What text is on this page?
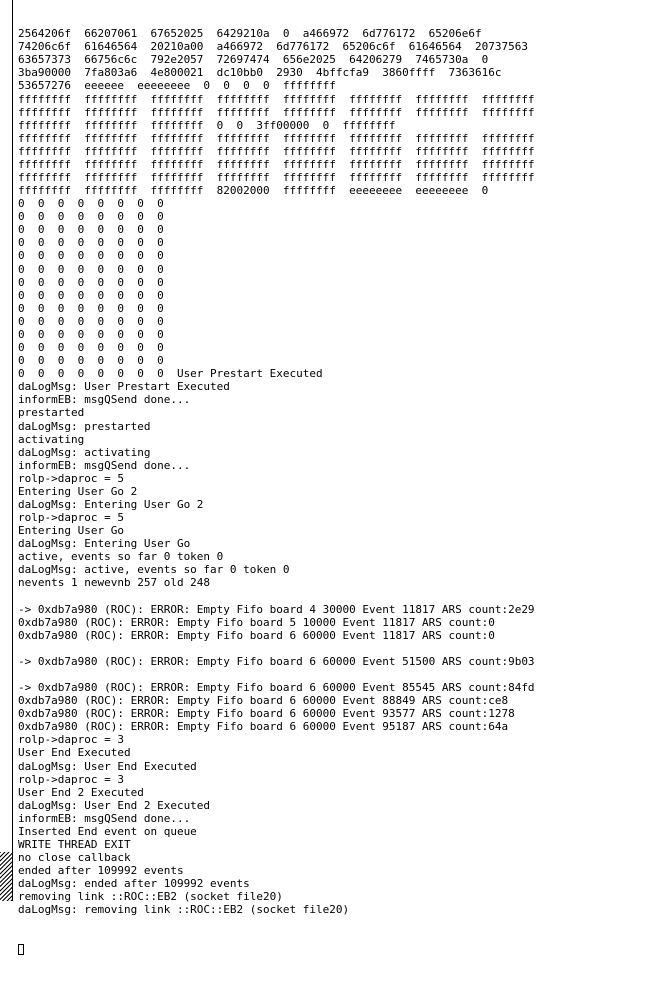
2564206f  66207061  67652025  6429210a  0  a466972  6d776172  65206e6f
74206c6f  61646564  20210a00  a466972  6d776172  65206c6f  61646564  20737563
63657373  66756c6c  792e2057  72697474  656e2025  64206279  7465730a  0
3ba90000  7fa803a6  4e800021  dc10bb0  2930  4bffcfa9  3860ffff  7363616c
53657276  eeeeee  eeeeeeee  0  0  0  0  ffffffff
ffffffff  ffffffff  ffffffff  ffffffff  ffffffff  ffffffff  ffffffff  ffffffff
ffffffff  ffffffff  ffffffff  ffffffff  ffffffff  ffffffff  ffffffff  ffffffff
ffffffff  ffffffff  ffffffff  0  0  3ff00000  0  ffffffff
ffffffff  ffffffff  ffffffff  ffffffff  ffffffff  ffffffff  ffffffff  ffffffff
ffffffff  ffffffff  ffffffff  ffffffff  ffffffff  ffffffff  ffffffff  ffffffff
ffffffff  ffffffff  ffffffff  ffffffff  ffffffff  ffffffff  ffffffff  ffffffff
ffffffff  ffffffff  ffffffff  ffffffff  ffffffff  ffffffff  ffffffff  ffffffff
ffffffff  ffffffff  ffffffff  82002000  ffffffff  eeeeeeee  eeeeeeee  0
0  0  0  0  0  0  0  0
0  0  0  0  0  0  0  0
0  0  0  0  0  0  0  0
0  0  0  0  0  0  0  0
0  0  0  0  0  0  0  0
0  0  0  0  0  0  0  0
0  0  0  0  0  0  0  0
0  0  0  0  0  0  0  0
0  0  0  0  0  0  0  0
0  0  0  0  0  0  0  0
0  0  0  0  0  0  0  0
0  0  0  0  0  0  0  0
0  0  0  0  0  0  0  0
0  0  0  0  0  0  0  0  User Prestart Executed
daLogMsg: User Prestart Executed
informEB: msgQSend done...
prestarted
daLogMsg: prestarted
activating
daLogMsg: activating
informEB: msgQSend done...
rolp->daproc = 5
Entering User Go 2
daLogMsg: Entering User Go 2
rolp->daproc = 5
Entering User Go
daLogMsg: Entering User Go
active, events so far 0 token 0
daLogMsg: active, events so far 0 token 0
nevents 1 newevnb 257 old 248
-> 0xdb7a980 (ROC): ERROR: Empty Fifo board 4 30000 Event 11817 ARS count:2e29
0xdb7a980 (ROC): ERROR: Empty Fifo board 5 10000 Event 11817 ARS count:0
0xdb7a980 (ROC): ERROR: Empty Fifo board 6 60000 Event 11817 ARS count:0
-> 0xdb7a980 (ROC): ERROR: Empty Fifo board 6 60000 Event 51500 ARS count:9b03
-> 0xdb7a980 (ROC): ERROR: Empty Fifo board 6 60000 Event 85545 ARS count:84fd
0xdb7a980 (ROC): ERROR: Empty Fifo board 6 60000 Event 88849 ARS count:ce8
0xdb7a980 (ROC): ERROR: Empty Fifo board 6 60000 Event 93577 ARS count:1278
0xdb7a980 (ROC): ERROR: Empty Fifo board 6 60000 Event 95187 ARS count:64a
rolp->daproc = 3
User End Executed
daLogMsg: User End Executed
rolp->daproc = 3
User End 2 Executed
daLogMsg: User End 2 Executed
informEB: msgQSend done...
Inserted End event on queue
WRITE THREAD EXIT
no close callback
ended after 109992 events
daLogMsg: ended after 109992 events
removing link ::ROC::EB2 (socket file20)
daLogMsg: removing link ::ROC::EB2 (socket file20)
